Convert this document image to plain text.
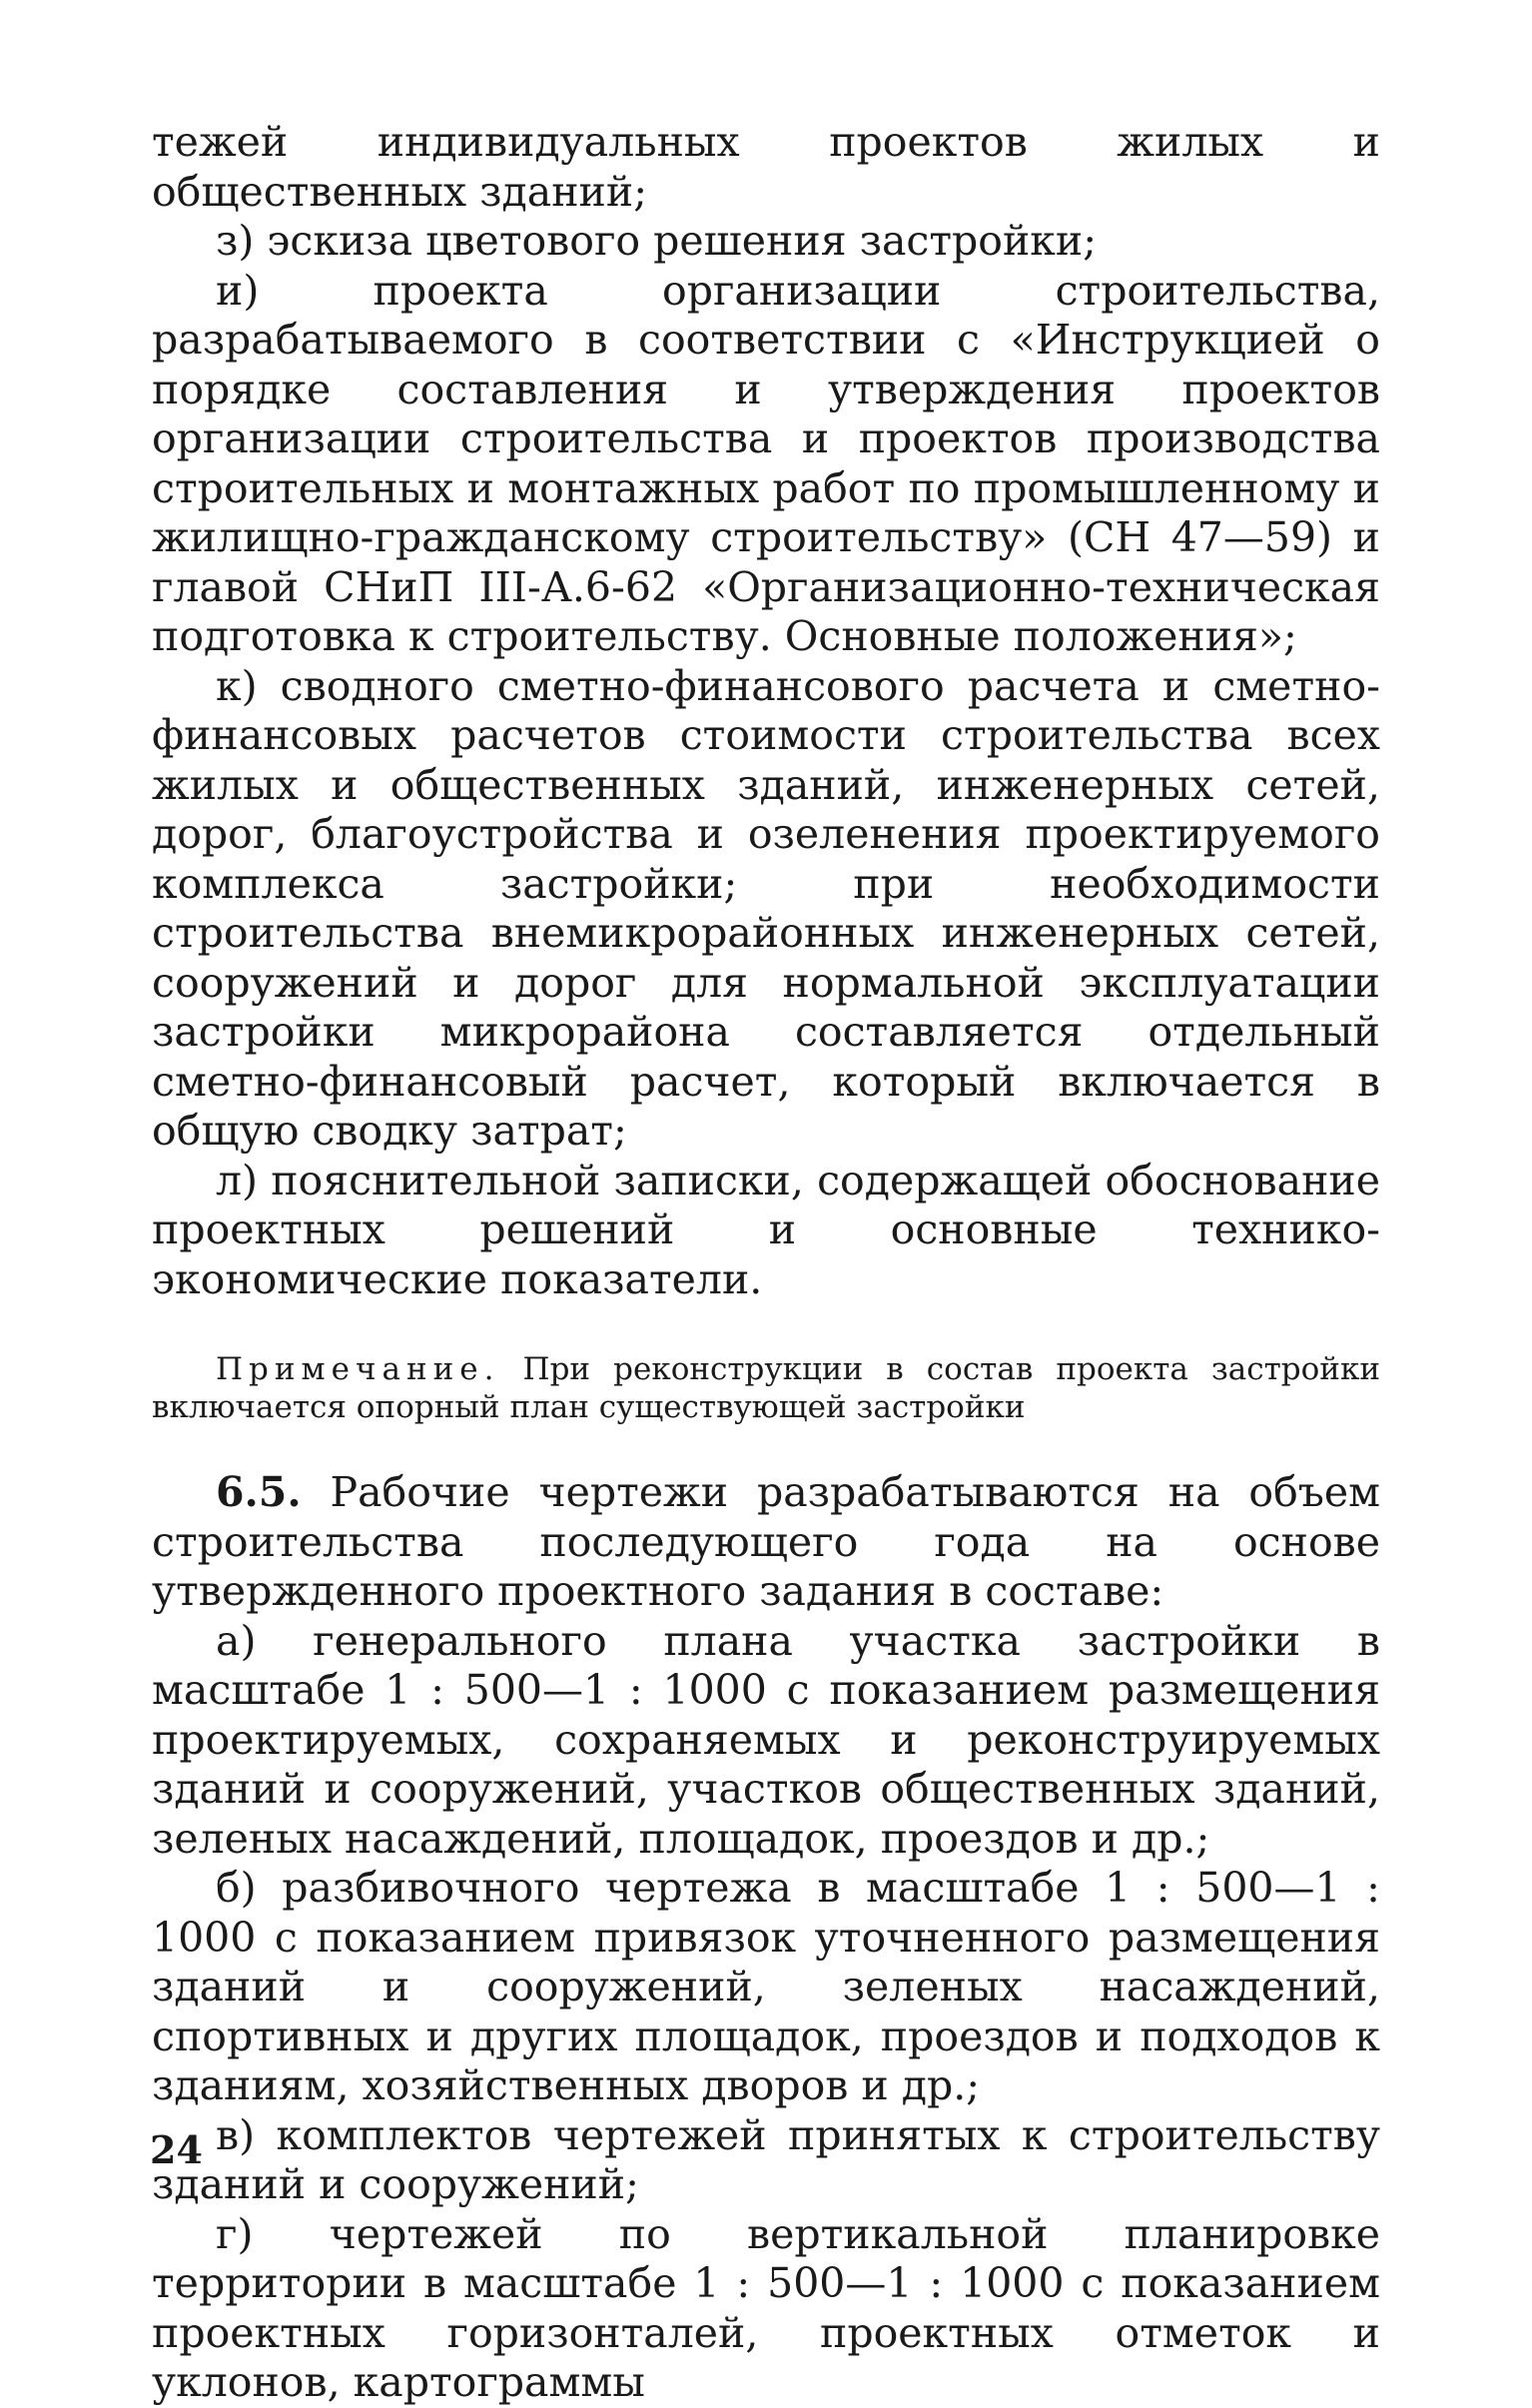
тежей индивидуальных проектов жилых и общественных зданий;

з) эскиза цветового решения застройки;

и) проекта организации строительства, разрабатываемого в соответствии с «Инструкцией о порядке составления и утверждения проектов организации строительства и проектов производства строительных и монтажных работ по промышленному и жилищно-гражданскому строительству» (СН 47—59) и главой СНиП III-А.6-62 «Организационно-техническая подготовка к строительству. Основные положения»;

к) сводного сметно-финансового расчета и сметно-финансовых расчетов стоимости строительства всех жилых и общественных зданий, инженерных сетей, дорог, благоустройства и озеленения проектируемого комплекса застройки; при необходимости строительства внемикрорайонных инженерных сетей, сооружений и дорог для нормальной эксплуатации застройки микрорайона составляется отдельный сметно-финансовый расчет, который включается в общую сводку затрат;

л) пояснительной записки, содержащей обоснование проектных решений и основные технико-экономические показатели.

Примечание. При реконструкции в состав проекта застройки включается опорный план существующей застройки

6.5. Рабочие чертежи разрабатываются на объем строительства последующего года на основе утвержденного проектного задания в составе:

а) генерального плана участка застройки в масштабе 1 : 500—1 : 1000 с показанием размещения проектируемых, сохраняемых и реконструируемых зданий и сооружений, участков общественных зданий, зеленых насаждений, площадок, проездов и др.;

б) разбивочного чертежа в масштабе 1 : 500—1 : 1000 с показанием привязок уточненного размещения зданий и сооружений, зеленых насаждений, спортивных и других площадок, проездов и подходов к зданиям, хозяйственных дворов и др.;

в) комплектов чертежей принятых к строительству зданий и сооружений;

г) чертежей по вертикальной планировке территории в масштабе 1 : 500—1 : 1000 с показанием проектных горизонталей, проектных отметок и уклонов, картограммы

24
